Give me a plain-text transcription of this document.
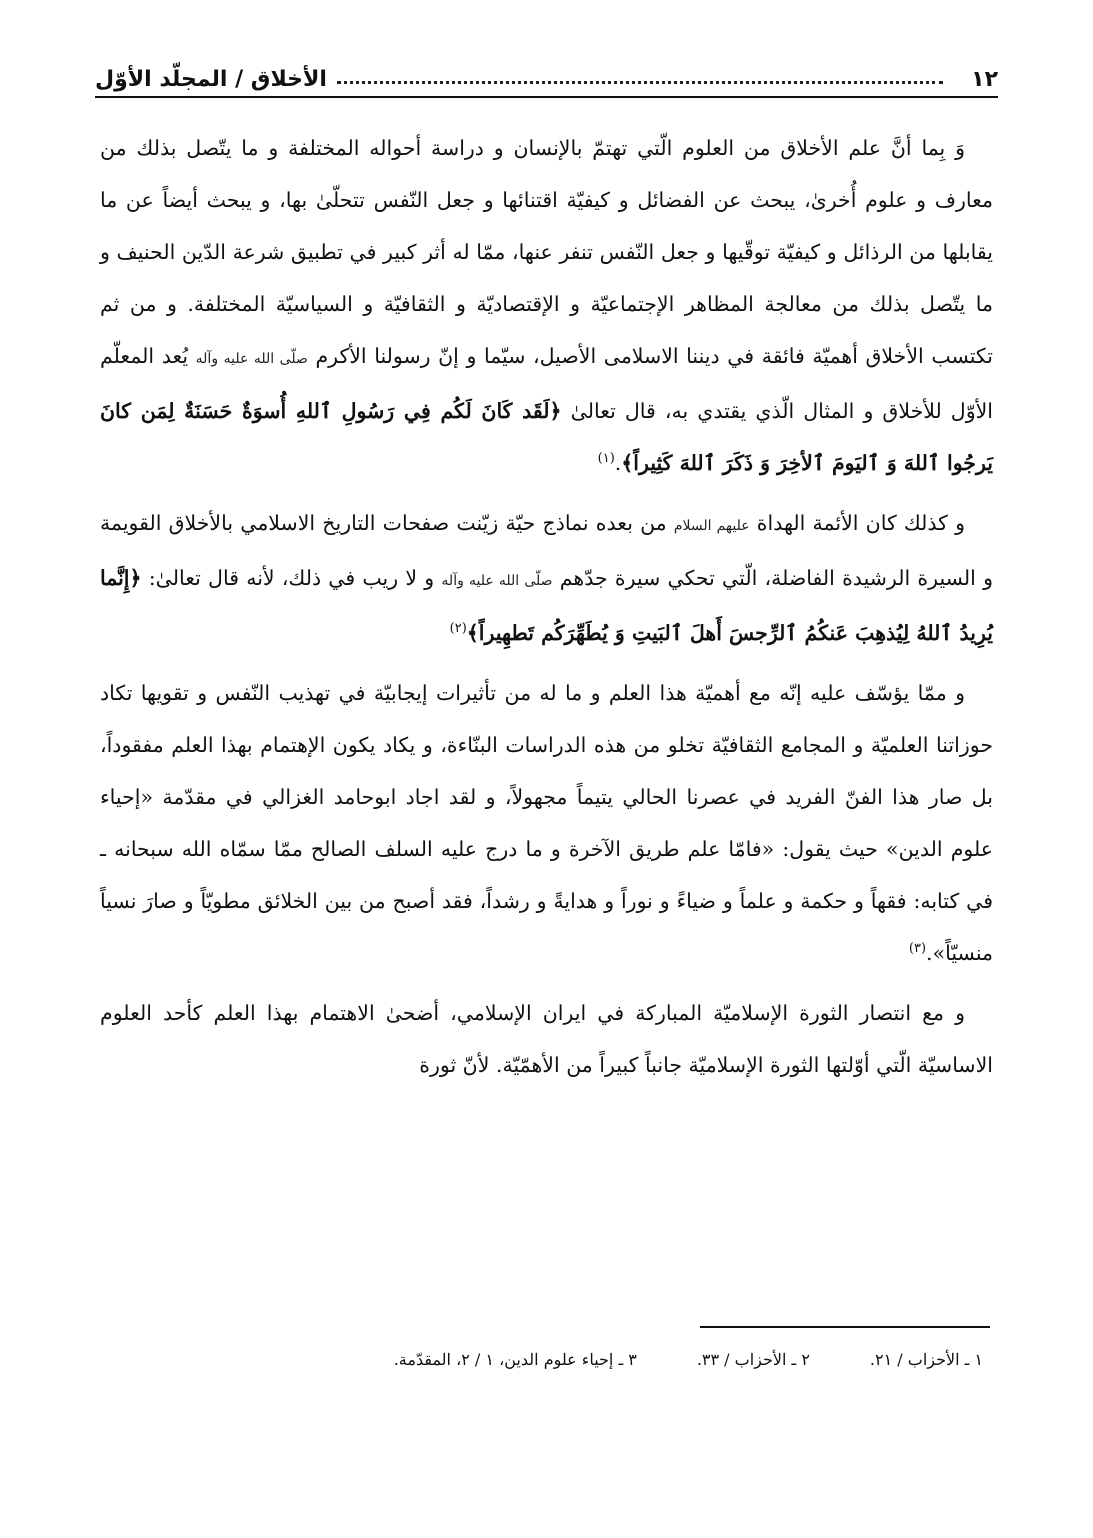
١٢
الأخلاق / المجلّد الأوّل

وَ بِما أنَّ علم الأخلاق من العلوم الّتي تهتمّ بالإنسان و دراسة أحواله المختلفة و ما يتّصل بذلك من معارف و علوم أُخرىٰ، يبحث عن الفضائل و كيفيّة اقتنائها و جعل النّفس تتحلّىٰ بها، و يبحث أيضاً عن ما يقابلها من الرذائل و كيفيّة توقّيها و جعل النّفس تنفر عنها، ممّا له أثر كبير في تطبيق شرعة الدّين الحنيف و ما يتّصل بذلك من معالجة المظاهر الإجتماعيّة و الإقتصاديّة و الثقافيّة و السياسيّة المختلفة. و من ثم تكتسب الأخلاق أهميّة فائقة في ديننا الاسلامى الأصيل، سيّما و إنّ رسولنا الأكرم صلّى الله عليه وآله يُعد المعلّم الأوّل للأخلاق و المثال الّذي يقتدي به، قال تعالىٰ ﴿لَقَد كَانَ لَكُم فِي رَسُولِ ٱللهِ أُسوَةٌ حَسَنَةٌ لِمَن كانَ يَرجُوا ٱللهَ وَ ٱليَومَ ٱلأخِرَ وَ ذَكَرَ ٱللهَ كَثِيراً﴾.$^{(١)}$

و كذلك كان الأئمة الهداة عليهم السلام من بعده نماذج حيّة زيّنت صفحات التاريخ الاسلامي بالأخلاق القويمة و السيرة الرشيدة الفاضلة، الّتي تحكي سيرة جدّهم صلّى الله عليه وآله و لا ريب في ذلك، لأنه قال تعالىٰ: ﴿إِنَّما يُرِيدُ ٱللهُ لِيُذهِبَ عَنكُمُ ٱلرِّجسَ أَهلَ ٱلبَيتِ وَ يُطَهِّرَكُم تَطهِيراً﴾$^{(٢)}$

و ممّا يؤسّف عليه إنّه مع أهميّة هذا العلم و ما له من تأثيرات إيجابيّة في تهذيب النّفس و تقويها تكاد حوزاتنا العلميّة و المجامع الثقافيّة تخلو من هذه الدراسات البنّاءة، و يكاد يكون الإهتمام بهذا العلم مفقوداً، بل صار هذا الفنّ الفريد في عصرنا الحالي يتيماً مجهولاً، و لقد اجاد ابوحامد الغزالي في مقدّمة «إحياء علوم الدين» حيث يقول: «فامّا علم طريق الآخرة و ما درج عليه السلف الصالح ممّا سمّاه الله سبحانه ـ في كتابه: فقهاً و حكمة و علماً و ضياءً و نوراً و هدايةً و رشداً، فقد أصبح من بين الخلائق مطويّاً و صارَ نسياً منسيّاً».$^{(٣)}$

و مع انتصار الثورة الإسلاميّة المباركة في ايران الإسلامي، أضحىٰ الاهتمام بهذا العلم كأحد العلوم الاساسيّة الّتي أوّلتها الثورة الإسلاميّة جانباً كبيراً من الأهمّيّة. لأنّ ثورة

١ ـ الأحزاب / ٢١.
٢ ـ الأحزاب / ٣٣.
٣ ـ إحياء علوم الدين، ١ / ٢، المقدّمة.
